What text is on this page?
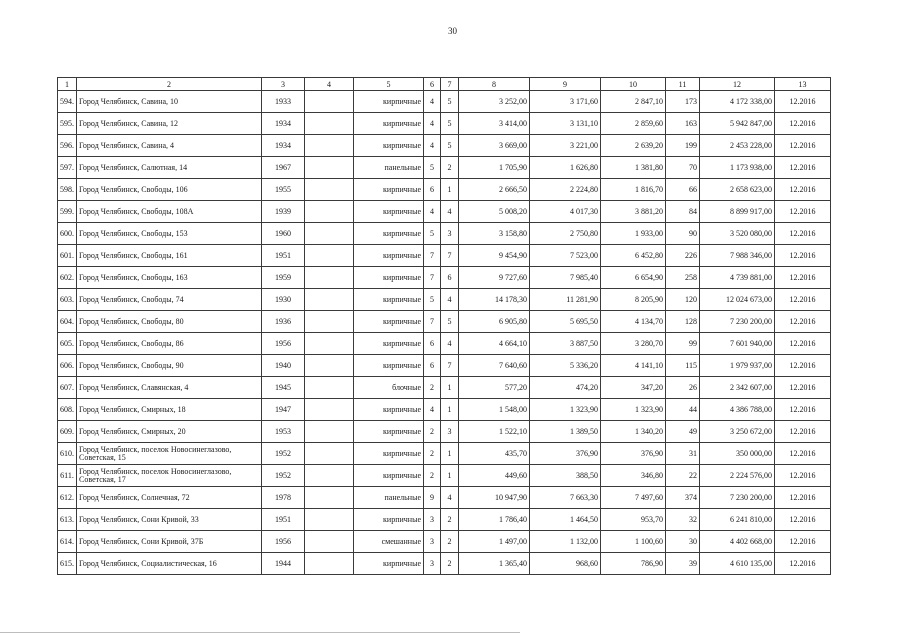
30
1	2	3	4	5	6	7	8	9	10	11	12	13
594.	Город Челябинск, Савина, 10	1933		кирпичные	4	5	3 252,00	3 171,60	2 847,10	173	4 172 338,00	12.2016
595.	Город Челябинск, Савина, 12	1934		кирпичные	4	5	3 414,00	3 131,10	2 859,60	163	5 942 847,00	12.2016
596.	Город Челябинск, Савина, 4	1934		кирпичные	4	5	3 669,00	3 221,00	2 639,20	199	2 453 228,00	12.2016
597.	Город Челябинск, Салютная, 14	1967		панельные	5	2	1 705,90	1 626,80	1 381,80	70	1 173 938,00	12.2016
598.	Город Челябинск, Свободы, 106	1955		кирпичные	6	1	2 666,50	2 224,80	1 816,70	66	2 658 623,00	12.2016
599.	Город Челябинск, Свободы, 108А	1939		кирпичные	4	4	5 008,20	4 017,30	3 881,20	84	8 899 917,00	12.2016
600.	Город Челябинск, Свободы, 153	1960		кирпичные	5	3	3 158,80	2 750,80	1 933,00	90	3 520 080,00	12.2016
601.	Город Челябинск, Свободы, 161	1951		кирпичные	7	7	9 454,90	7 523,00	6 452,80	226	7 988 346,00	12.2016
602.	Город Челябинск, Свободы, 163	1959		кирпичные	7	6	9 727,60	7 985,40	6 654,90	258	4 739 881,00	12.2016
603.	Город Челябинск, Свободы, 74	1930		кирпичные	5	4	14 178,30	11 281,90	8 205,90	120	12 024 673,00	12.2016
604.	Город Челябинск, Свободы, 80	1936		кирпичные	7	5	6 905,80	5 695,50	4 134,70	128	7 230 200,00	12.2016
605.	Город Челябинск, Свободы, 86	1956		кирпичные	6	4	4 664,10	3 887,50	3 280,70	99	7 601 940,00	12.2016
606.	Город Челябинск, Свободы, 90	1940		кирпичные	6	7	7 640,60	5 336,20	4 141,10	115	1 979 937,00	12.2016
607.	Город Челябинск, Славянская, 4	1945		блочные	2	1	577,20	474,20	347,20	26	2 342 607,00	12.2016
608.	Город Челябинск, Смирных, 18	1947		кирпичные	4	1	1 548,00	1 323,90	1 323,90	44	4 386 788,00	12.2016
609.	Город Челябинск, Смирных, 20	1953		кирпичные	2	3	1 522,10	1 389,50	1 340,20	49	3 250 672,00	12.2016
610.	Город Челябинск, поселок Новосинеглазово, Советская, 15	1952		кирпичные	2	1	435,70	376,90	376,90	31	350 000,00	12.2016
611.	Город Челябинск, поселок Новосинеглазово, Советская, 17	1952		кирпичные	2	1	449,60	388,50	346,80	22	2 224 576,00	12.2016
612.	Город Челябинск, Солнечная, 72	1978		панельные	9	4	10 947,90	7 663,30	7 497,60	374	7 230 200,00	12.2016
613.	Город Челябинск, Сони Кривой, 33	1951		кирпичные	3	2	1 786,40	1 464,50	953,70	32	6 241 810,00	12.2016
614.	Город Челябинск, Сони Кривой, 37Б	1956		смешанные	3	2	1 497,00	1 132,00	1 100,60	30	4 402 668,00	12.2016
615.	Город Челябинск, Социалистическая, 16	1944		кирпичные	3	2	1 365,40	968,60	786,90	39	4 610 135,00	12.2016
